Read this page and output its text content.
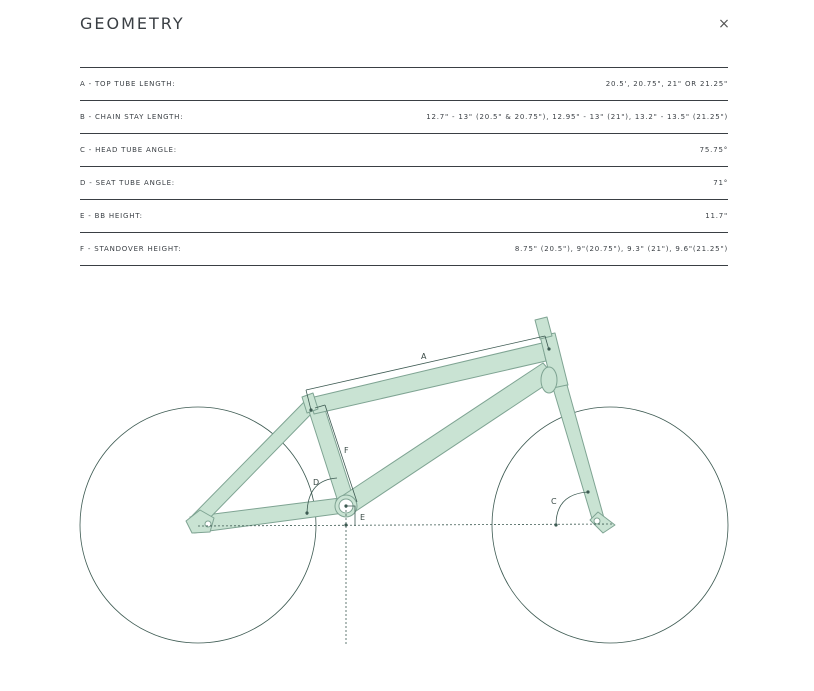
GEOMETRY	×
A - TOP TUBE LENGTH:	20.5', 20.75", 21" OR 21.25"
B - CHAIN STAY LENGTH:	12.7" - 13" (20.5" & 20.75"), 12.95" - 13" (21"), 13.2" - 13.5" (21.25")
C - HEAD TUBE ANGLE:	75.75°
D - SEAT TUBE ANGLE:	71°
E - BB HEIGHT:	11.7"
F - STANDOVER HEIGHT:	8.75" (20.5"), 9"(20.75"), 9.3" (21"), 9.6"(21.25")
A
F
D
E
C
